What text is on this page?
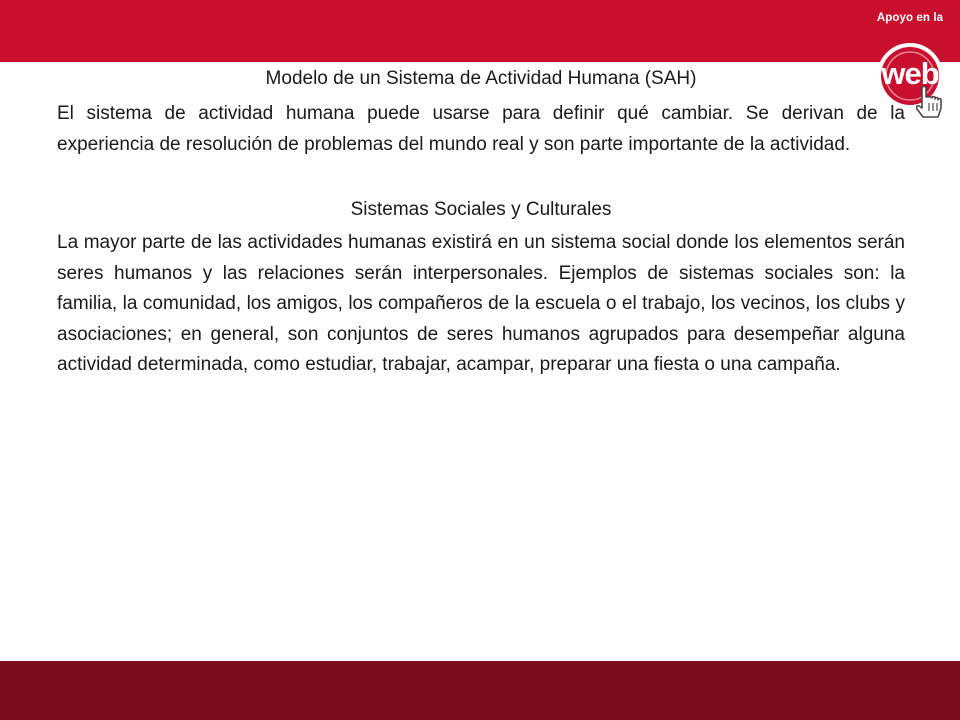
Apoyo en la
web

Modelo de un Sistema de Actividad Humana (SAH)

El sistema de actividad humana puede usarse para definir qué cambiar. Se derivan de la experiencia de resolución de problemas del mundo real y son parte importante de la actividad.

Sistemas Sociales y Culturales

La mayor parte de las actividades humanas existirá en un sistema social donde los elementos serán seres humanos y las relaciones serán interpersonales. Ejemplos de sistemas sociales son: la familia, la comunidad, los amigos, los compañeros de la escuela o el trabajo, los vecinos, los clubs y asociaciones; en general, son conjuntos de seres humanos agrupados para desempeñar alguna actividad determinada, como estudiar, trabajar, acampar, preparar una fiesta o una campaña.
